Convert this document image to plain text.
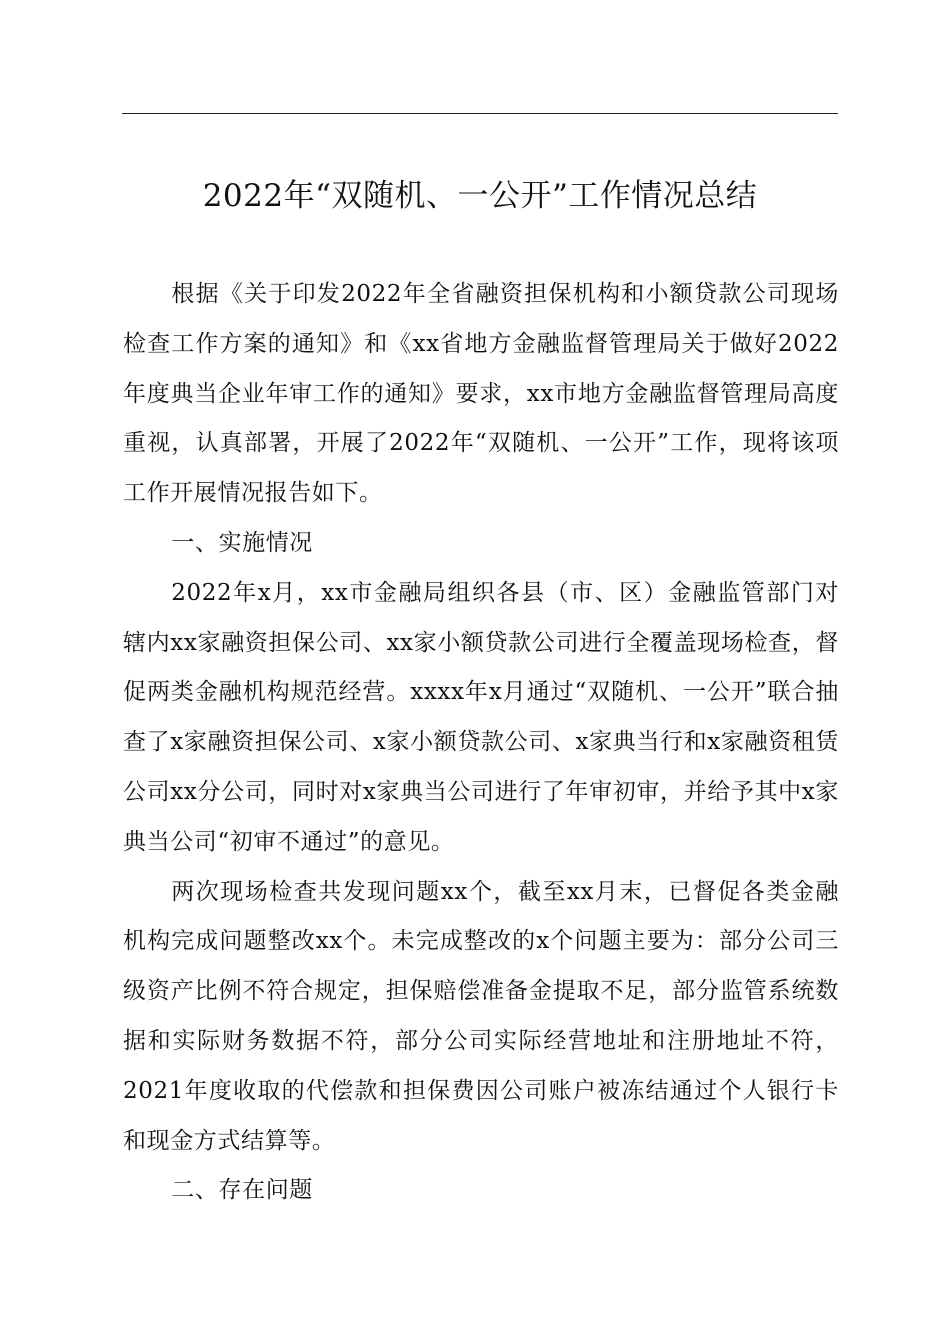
2022年“双随机、一公开”工作情况总结

根据《关于印发2022年全省融资担保机构和小额贷款公司现场检查工作方案的通知》和《xx省地方金融监督管理局关于做好2022年度典当企业年审工作的通知》要求，xx市地方金融监督管理局高度重视，认真部署，开展了2022年“双随机、一公开”工作，现将该项工作开展情况报告如下。

一、实施情况

2022年x月，xx市金融局组织各县（市、区）金融监管部门对辖内xx家融资担保公司、xx家小额贷款公司进行全覆盖现场检查，督促两类金融机构规范经营。xxxx年x月通过“双随机、一公开”联合抽查了x家融资担保公司、x家小额贷款公司、x家典当行和x家融资租赁公司xx分公司，同时对x家典当公司进行了年审初审，并给予其中x家典当公司“初审不通过”的意见。

两次现场检查共发现问题xx个，截至xx月末，已督促各类金融机构完成问题整改xx个。未完成整改的x个问题主要为：部分公司三级资产比例不符合规定，担保赔偿准备金提取不足，部分监管系统数据和实际财务数据不符，部分公司实际经营地址和注册地址不符，2021年度收取的代偿款和担保费因公司账户被冻结通过个人银行卡和现金方式结算等。

二、存在问题
